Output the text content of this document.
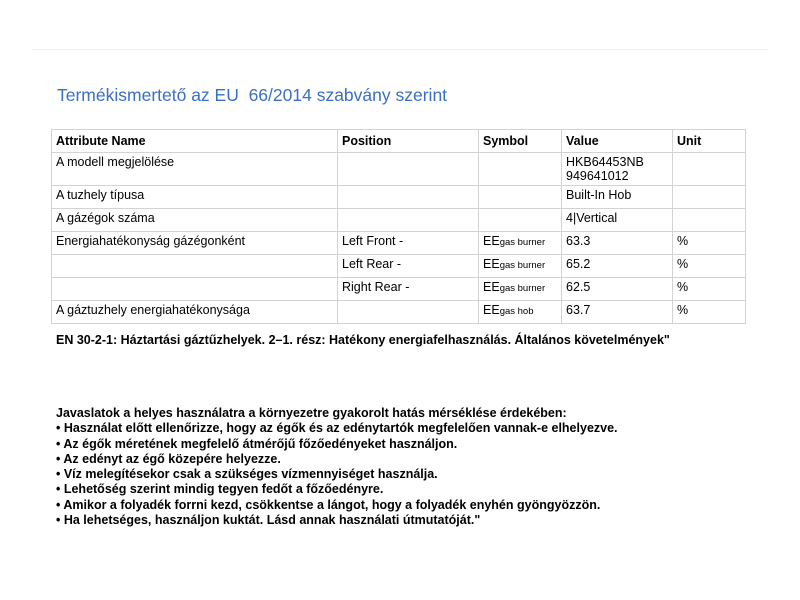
Termékismertető az EU  66/2014 szabvány szerint
Attribute Name	Position	Symbol	Value	Unit
A modell megjelölése			HKB64453NB
949641012	

A tuzhely típusa			Built-In Hob	

A gázégok száma			4|Vertical	

Energiahatékonyság gázégonként	Left Front -	EEgas burner	63.3	%
	Left Rear -	EEgas burner	65.2	%
	Right Rear -	EEgas burner	62.5	%
A gáztuzhely energiahatékonysága		EEgas hob	63.7	%
EN 30-2-1: Háztartási gáztűzhelyek. 2–1. rész: Hatékony energiafelhasználás. Általános követelmények"
Javaslatok a helyes használatra a környezetre gyakorolt hatás mérséklése érdekében:
• Használat előtt ellenőrizze, hogy az égők és az edénytartók megfelelően vannak-e elhelyezve.
• Az égők méretének megfelelő átmérőjű főzőedényeket használjon.
• Az edényt az égő közepére helyezze.
• Víz melegítésekor csak a szükséges vízmennyiséget használja.
• Lehetőség szerint mindig tegyen fedőt a főzőedényre.
• Amikor a folyadék forrni kezd, csökkentse a lángot, hogy a folyadék enyhén gyöngyözzön.
• Ha lehetséges, használjon kuktát. Lásd annak használati útmutatóját."
